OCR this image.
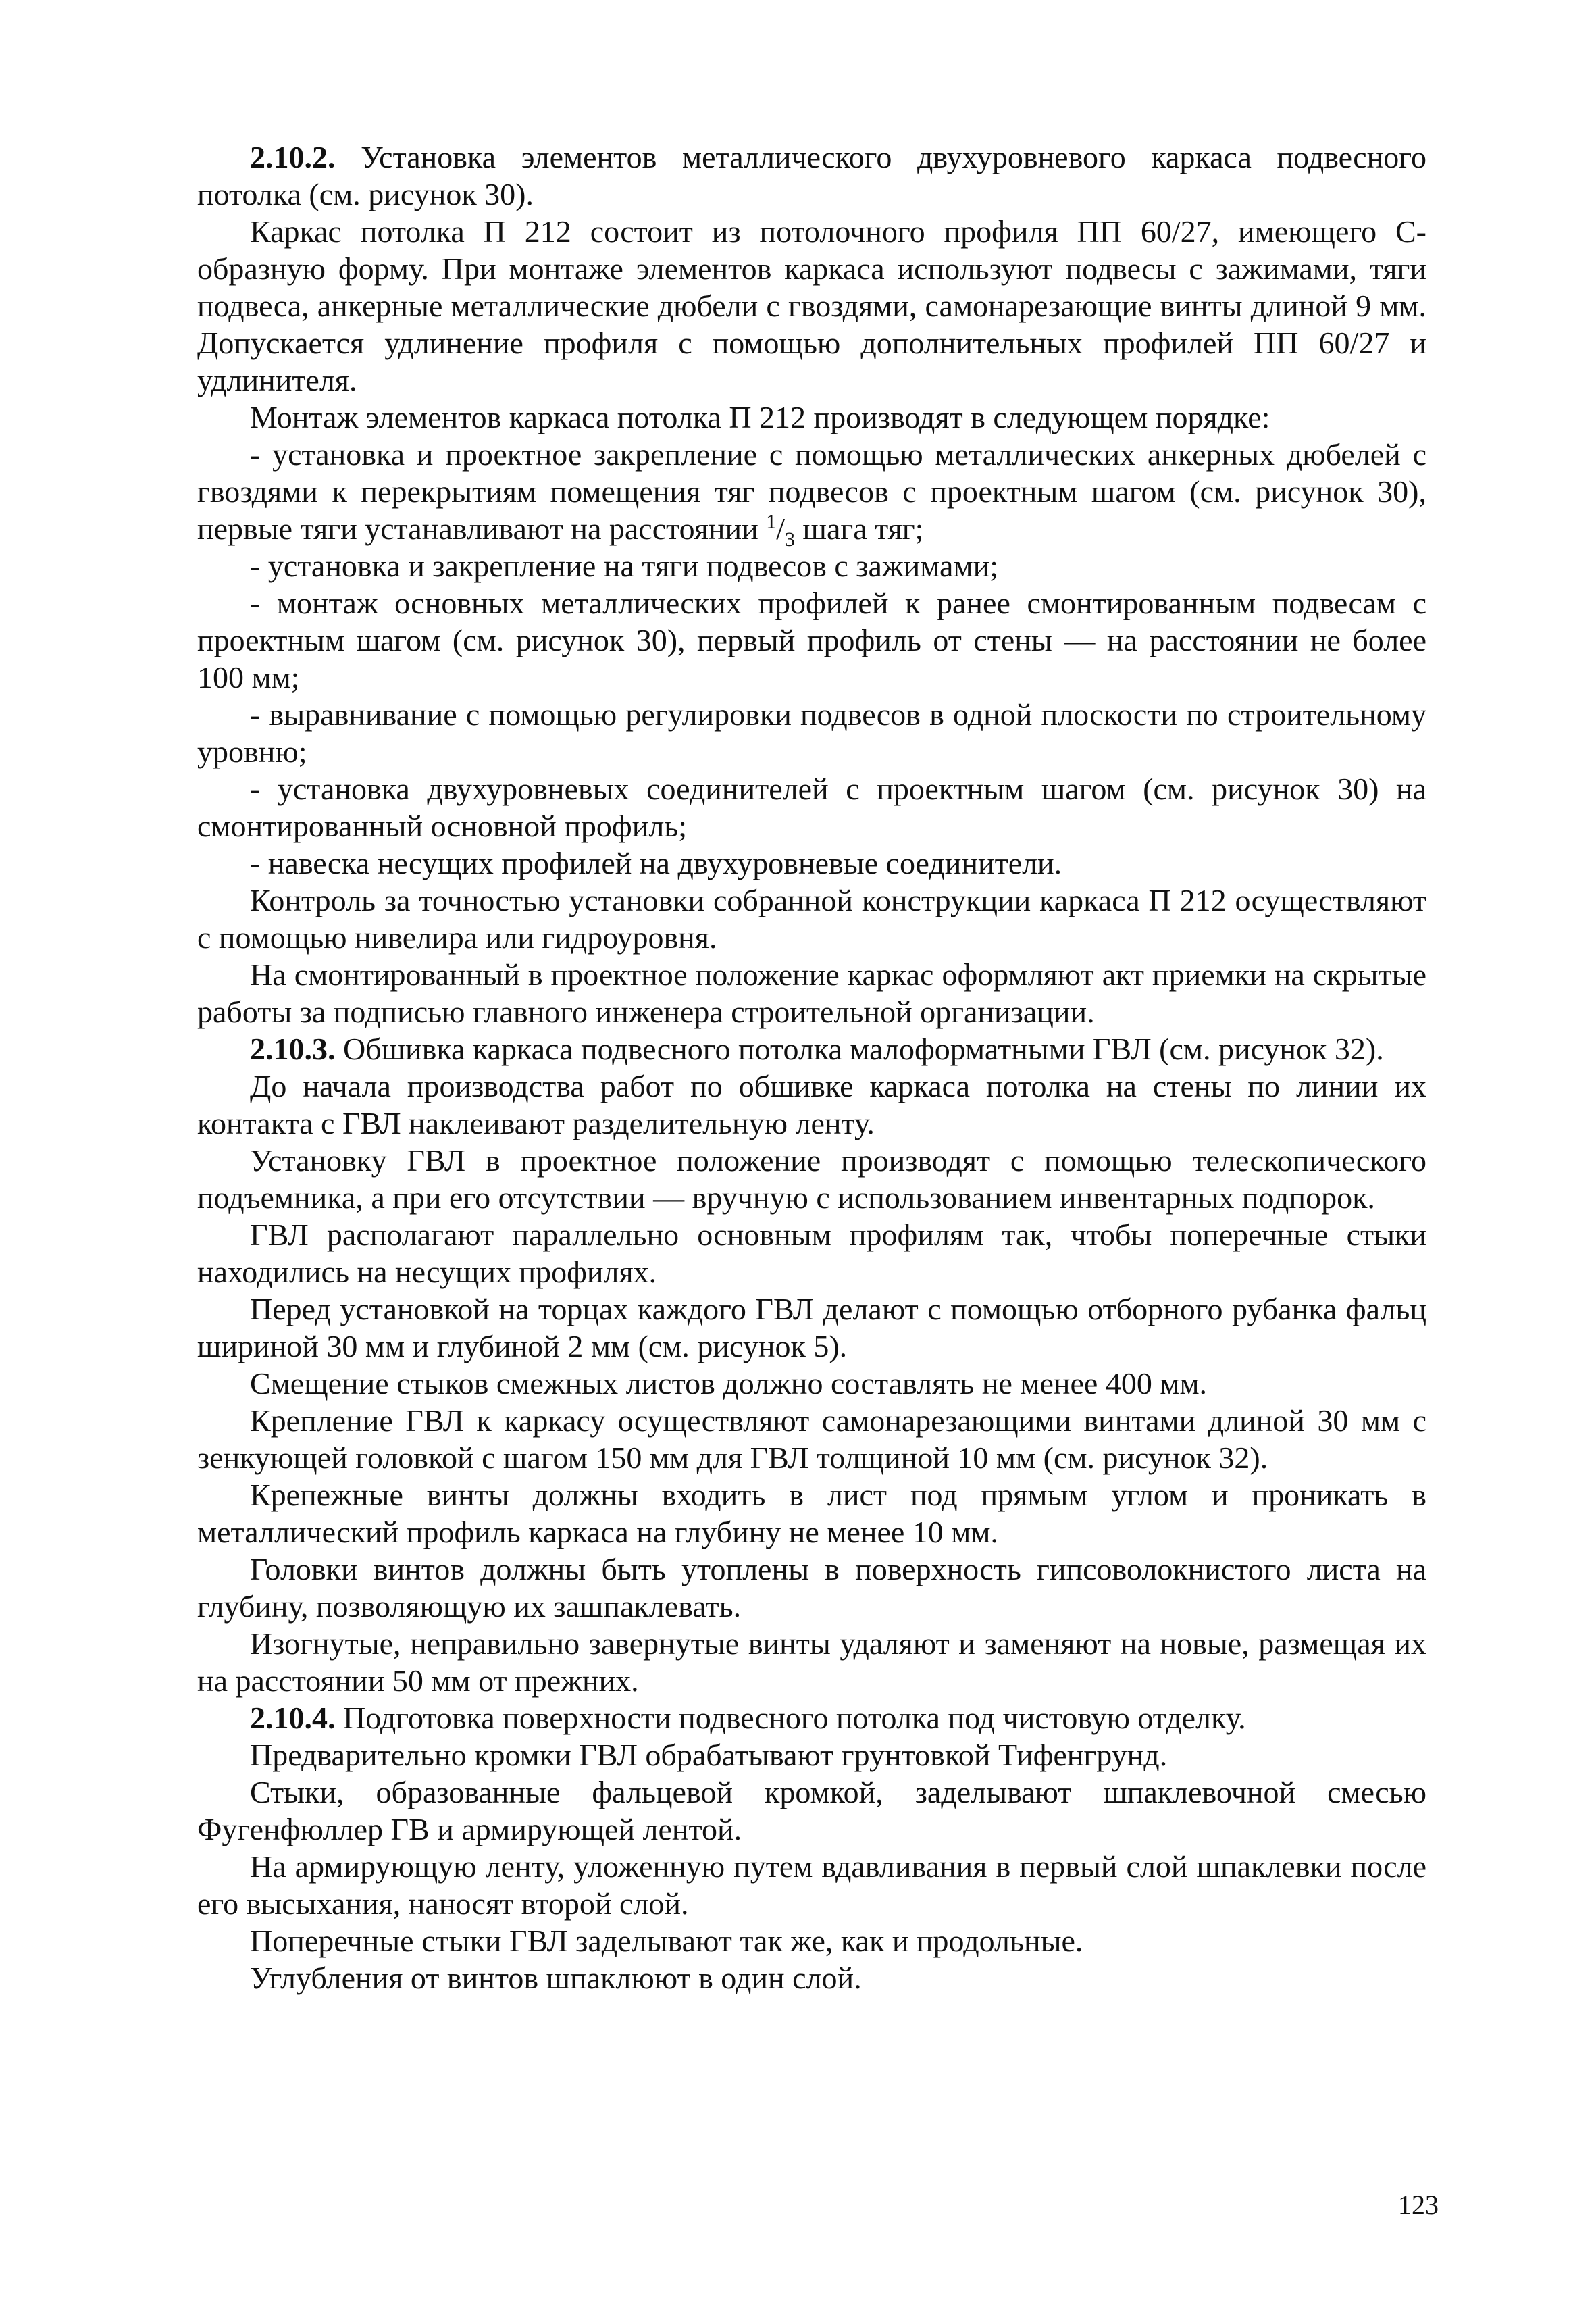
2.10.2. Установка элементов металлического двухуровневого каркаса подвесного потолка (см. рисунок 30).

Каркас потолка П 212 состоит из потолочного профиля ПП 60/27, имеющего С-образную форму. При монтаже элементов каркаса используют подвесы с зажимами, тяги подвеса, анкерные металлические дюбели с гвоздями, самонарезающие винты длиной 9 мм. Допускается удлинение профиля с помощью дополнительных профилей ПП 60/27 и удлинителя.

Монтаж элементов каркаса потолка П 212 производят в следующем порядке:

- установка и проектное закрепление с помощью металлических анкерных дюбелей с гвоздями к перекрытиям помещения тяг подвесов с проектным шагом (см. рисунок 30), первые тяги устанавливают на расстоянии $^1/_3$ шага тяг;

- установка и закрепление на тяги подвесов с зажимами;

- монтаж основных металлических профилей к ранее смонтированным подвесам с проектным шагом (см. рисунок 30), первый профиль от стены — на расстоянии не более 100 мм;

- выравнивание с помощью регулировки подвесов в одной плоскости по строительному уровню;

- установка двухуровневых соединителей с проектным шагом (см. рисунок 30) на смонтированный основной профиль;

- навеска несущих профилей на двухуровневые соединители.

Контроль за точностью установки собранной конструкции каркаса П 212 осуществляют с помощью нивелира или гидроуровня.

На смонтированный в проектное положение каркас оформляют акт приемки на скрытые работы за подписью главного инженера строительной организации.

2.10.3. Обшивка каркаса подвесного потолка малоформатными ГВЛ (см. рисунок 32).

До начала производства работ по обшивке каркаса потолка на стены по линии их контакта с ГВЛ наклеивают разделительную ленту.

Установку ГВЛ в проектное положение производят с помощью телескопического подъемника, а при его отсутствии — вручную с использованием инвентарных подпорок.

ГВЛ располагают параллельно основным профилям так, чтобы поперечные стыки находились на несущих профилях.

Перед установкой на торцах каждого ГВЛ делают с помощью отборного рубанка фальц шириной 30 мм и глубиной 2 мм (см. рисунок 5).

Смещение стыков смежных листов должно составлять не менее 400 мм.

Крепление ГВЛ к каркасу осуществляют самонарезающими винтами длиной 30 мм с зенкующей головкой с шагом 150 мм для ГВЛ толщиной 10 мм (см. рисунок 32).

Крепежные винты должны входить в лист под прямым углом и проникать в металлический профиль каркаса на глубину не менее 10 мм.

Головки винтов должны быть утоплены в поверхность гипсоволокнистого листа на глубину, позволяющую их зашпаклевать.

Изогнутые, неправильно завернутые винты удаляют и заменяют на новые, размещая их на расстоянии 50 мм от прежних.

2.10.4. Подготовка поверхности подвесного потолка под чистовую отделку.

Предварительно кромки ГВЛ обрабатывают грунтовкой Тифенгрунд.

Стыки, образованные фальцевой кромкой, заделывают шпаклевочной смесью Фугенфюллер ГВ и армирующей лентой.

На армирующую ленту, уложенную путем вдавливания в первый слой шпаклевки после его высыхания, наносят второй слой.

Поперечные стыки ГВЛ заделывают так же, как и продольные.

Углубления от винтов шпаклюют в один слой.

123
